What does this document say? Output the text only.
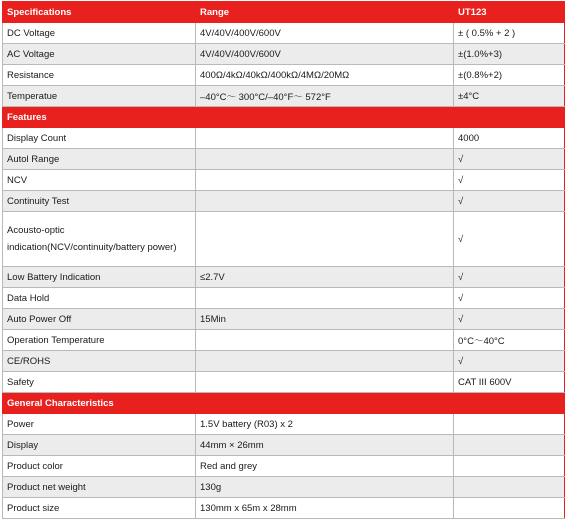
Specifications	Range	UT123
DC Voltage	4V/40V/400V/600V	± ( 0.5% + 2 )
AC Voltage	4V/40V/400V/600V	±(1.0%+3)
Resistance	400Ω/4kΩ/40kΩ/400kΩ/4MΩ/20MΩ	±(0.8%+2)
Temperatue	–40°C～ 300°C/–40°F～ 572°F	±4°C
Features		
Display Count		4000
Autol Range		√
NCV		√
Continuity Test		√
Acousto-optic indication(NCV/continuity/battery power)		√
Low Battery Indication	≤2.7V	√
Data Hold		√
Auto Power Off	15Min	√
Operation Temperature		0°C～40°C
CE/ROHS		√
Safety		CAT III 600V
General Characteristics		
Power	1.5V battery (R03) x 2	
Display	44mm × 26mm	
Product color	Red and grey	
Product net weight	130g	
Product size	130mm x 65m x 28mm	
